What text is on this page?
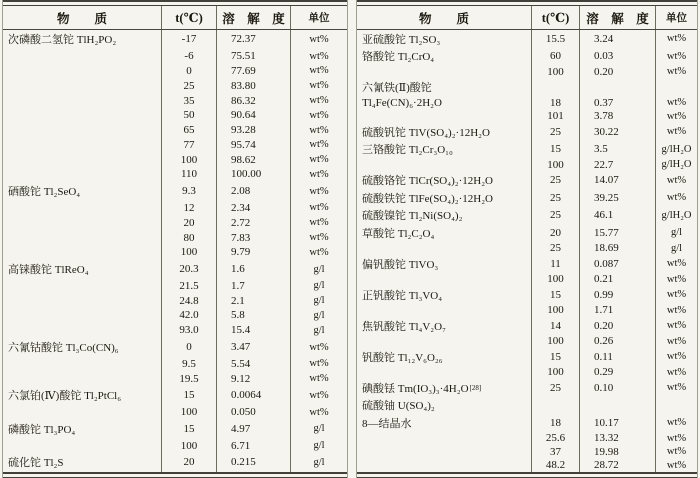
物　　质	t(℃)	溶　解　度	单位
次磷酸二氢铊 TlH₂PO₂	-17	72.37	wt%
-6	75.51	wt%
0	77.69	wt%
25	83.80	wt%
35	86.32	wt%
50	90.64	wt%
65	93.28	wt%
77	95.74	wt%
100	98.62	wt%
110	100.00	wt%
硒酸铊 Tl₂SeO₄	9.3	2.08	wt%
12	2.34	wt%
20	2.72	wt%
80	7.83	wt%
100	9.79	wt%
高铼酸铊 TlReO₄	20.3	1.6	g/l
21.5	1.7	g/l
24.8	2.1	g/l
42.0	5.8	g/l
93.0	15.4	g/l
六氰钴酸铊 Tl₃Co(CN)₆	0	3.47	wt%
9.5	5.54	wt%
19.5	9.12	wt%
六氯铂(Ⅳ)酸铊 Tl₂PtCl₆	15	0.0064	wt%
100	0.050	wt%
磷酸铊 Tl₃PO₄	15	4.97	g/l
100	6.71	g/l
硫化铊 Tl₂S	20	0.215	g/l
物　　质	t(℃)	溶　解　度	单位
亚硫酸铊 Tl₂SO₃	15.5	3.24	wt%
铬酸铊 Tl₂CrO₄	60	0.03	wt%
100	0.20	wt%
六氰铁(Ⅱ)酸铊
Tl₄Fe(CN)₆·2H₂O	18	0.37	wt%
101	3.78	wt%
硫酸钒铊 TlV(SO₄)₂·12H₂O	25	30.22	wt%
三铬酸铊 Tl₂Cr₃O₁₀	15	3.5	g/lH₂O
100	22.7	g/lH₂O
硫酸铬铊 TlCr(SO₄)₂·12H₂O	25	14.07	wt%
硫酸铁铊 TlFe(SO₄)₂·12H₂O	25	39.25	wt%
硫酸镍铊 Tl₂Ni(SO₄)₂	25	46.1	g/lH₂O
草酸铊 Tl₂C₂O₄	20	15.77	g/l
25	18.69	g/l
偏钒酸铊 TlVO₃	11	0.087	wt%
100	0.21	wt%
正钒酸铊 Tl₃VO₄	15	0.99	wt%
100	1.71	wt%
焦钒酸铊 Tl₄V₂O₇	14	0.20	wt%
100	0.26	wt%
钒酸铊 Tl₁₂V₆O₂₆	15	0.11	wt%
100	0.29	wt%
碘酸铥 Tm(IO₃)₃·4H₂O [28]	25	0.10	wt%
硫酸铀 U(SO₄)₂
8—结晶水	18	10.17	wt%
25.6	13.32	wt%
37	19.98	wt%
48.2	28.72	wt%
